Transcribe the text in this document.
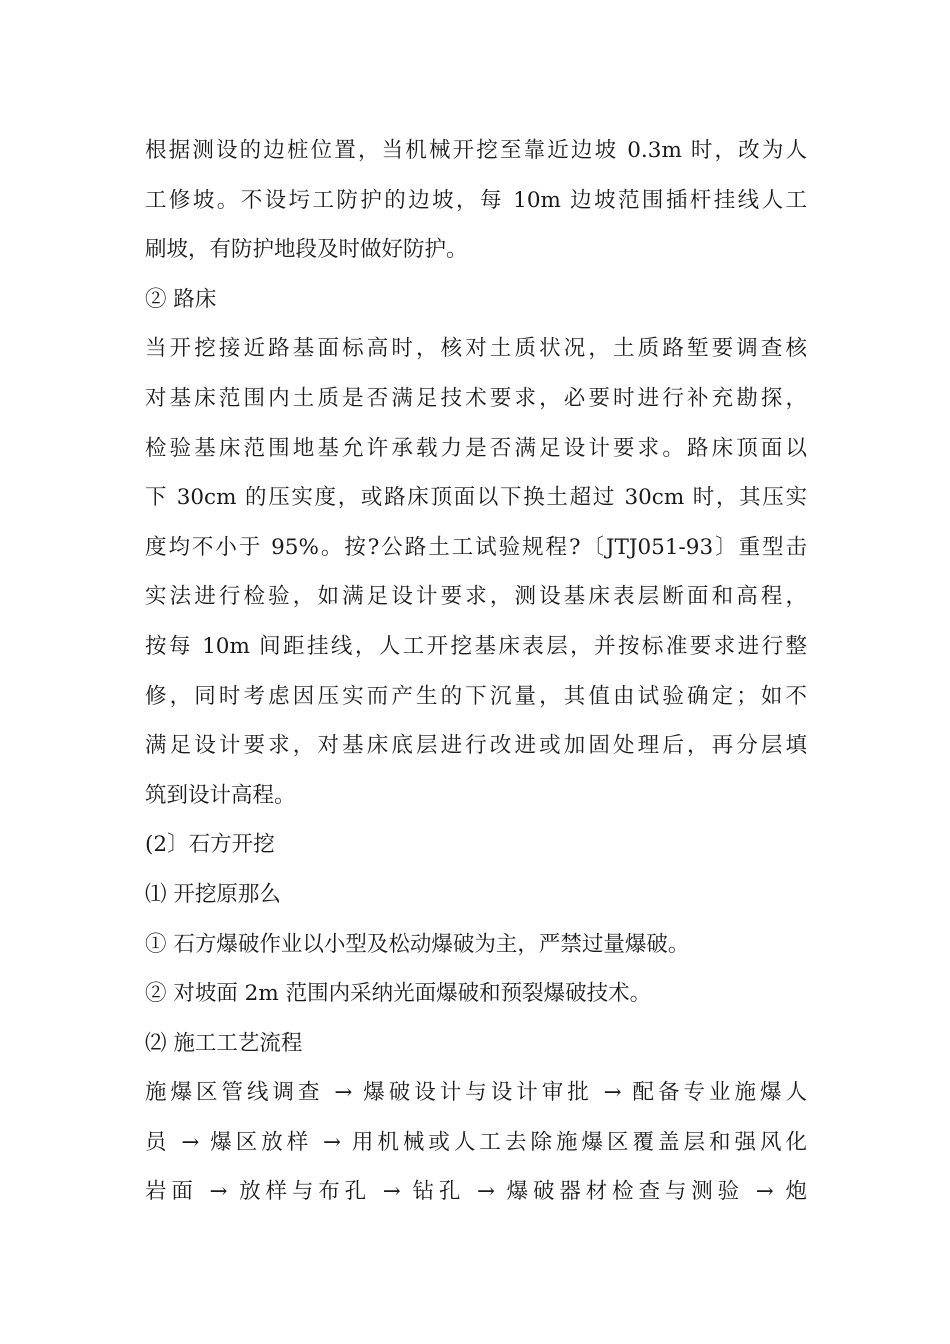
根据测设的边桩位置，当机械开挖至靠近边坡 0.3m 时，改为人
工修坡。不设圬工防护的边坡，每 10m 边坡范围插杆挂线人工
刷坡，有防护地段及时做好防护。
② 路床
当开挖接近路基面标高时，核对土质状况，土质路堑要调查核
对基床范围内土质是否满足技术要求，必要时进行补充勘探，
检验基床范围地基允许承载力是否满足设计要求。路床顶面以
下 30cm 的压实度，或路床顶面以下换土超过 30cm 时，其压实
度均不小于 95%。按?公路土工试验规程?〔JTJ051-93〕重型击
实法进行检验，如满足设计要求，测设基床表层断面和高程，
按每 10m 间距挂线，人工开挖基床表层，并按标准要求进行整
修，同时考虑因压实而产生的下沉量，其值由试验确定；如不
满足设计要求，对基床底层进行改进或加固处理后，再分层填
筑到设计高程。
(2〕石方开挖
⑴ 开挖原那么
① 石方爆破作业以小型及松动爆破为主，严禁过量爆破。
② 对坡面 2m 范围内采纳光面爆破和预裂爆破技术。
⑵ 施工工艺流程
施爆区管线调查 → 爆破设计与设计审批 → 配备专业施爆人
员 → 爆区放样 → 用机械或人工去除施爆区覆盖层和强风化
岩面 → 放样与布孔 → 钻孔 → 爆破器材检查与测验 → 炮
